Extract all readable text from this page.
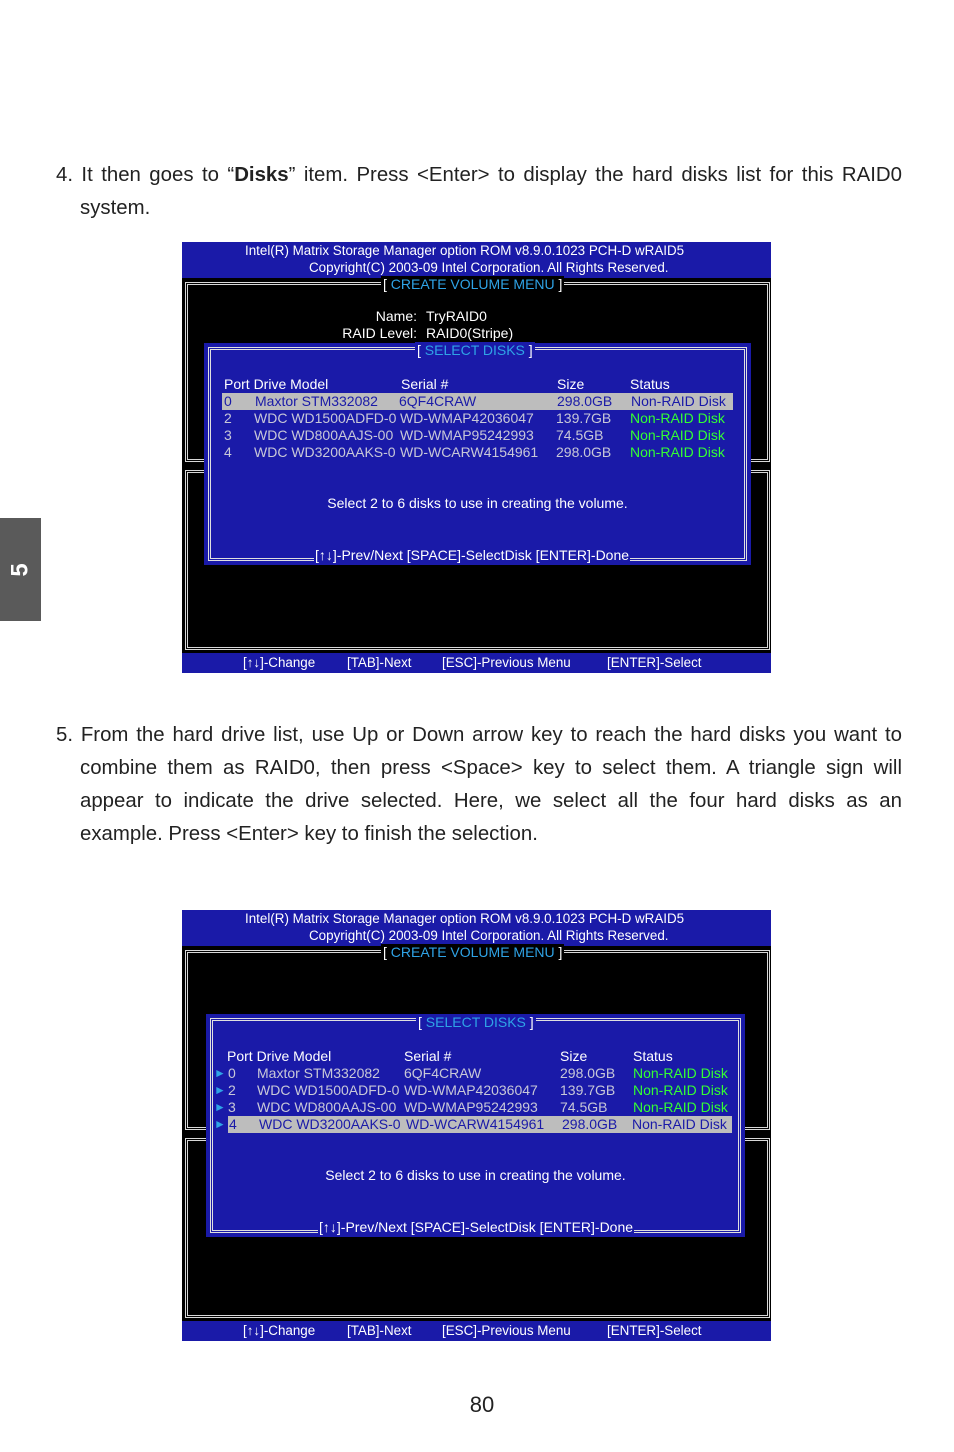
5
4. It then goes to “Disks” item. Press <Enter> to display the hard disks list for this RAID0 system.
Intel(R) Matrix Storage Manager option ROM v8.9.0.1023 PCH-D wRAID5
Copyright(C) 2003-09 Intel Corporation. All Rights Reserved.
[ CREATE VOLUME MENU ]
Name: TryRAID0
RAID Level: RAID0(Stripe)
[ SELECT DISKS ]
Port Drive Model	Serial #	Size	Status
0 Maxtor STM332082 6QF4CRAW	298.0GB Non-RAID Disk
2 WDC WD1500ADFD-0 WD-WMAP42036047 139.7GB Non-RAID Disk
3 WDC WD800AAJS-00 WD-WMAP95242993 74.5GB Non-RAID Disk
4 WDC WD3200AAKS-0 WD-WCARW4154961 298.0GB Non-RAID Disk
Select 2 to 6 disks to use in creating the volume.
[↑↓]-Prev/Next [SPACE]-SelectDisk [ENTER]-Done
[↑↓]-Change [TAB]-Next [ESC]-Previous Menu	[ENTER]-Select
5. From the hard drive list, use Up or Down arrow key to reach the hard disks you want to combine them as RAID0, then press <Space> key to select them. A triangle sign will appear to indicate the drive selected. Here, we select all the four hard disks as an example. Press <Enter> key to finish the selection.
Intel(R) Matrix Storage Manager option ROM v8.9.0.1023 PCH-D wRAID5
Copyright(C) 2003-09 Intel Corporation. All Rights Reserved.
[ CREATE VOLUME MENU ]
[ SELECT DISKS ]
Port Drive Model	Serial #	Size	Status
► 0 Maxtor STM332082 6QF4CRAW	298.0GB Non-RAID Disk
► 2 WDC WD1500ADFD-0 WD-WMAP42036047 139.7GB Non-RAID Disk
► 3 WDC WD800AAJS-00 WD-WMAP95242993 74.5GB Non-RAID Disk
► 4 WDC WD3200AAKS-0 WD-WCARW4154961 298.0GB Non-RAID Disk
Select 2 to 6 disks to use in creating the volume.
[↑↓]-Prev/Next [SPACE]-SelectDisk [ENTER]-Done
[↑↓]-Change [TAB]-Next [ESC]-Previous Menu	[ENTER]-Select
80
